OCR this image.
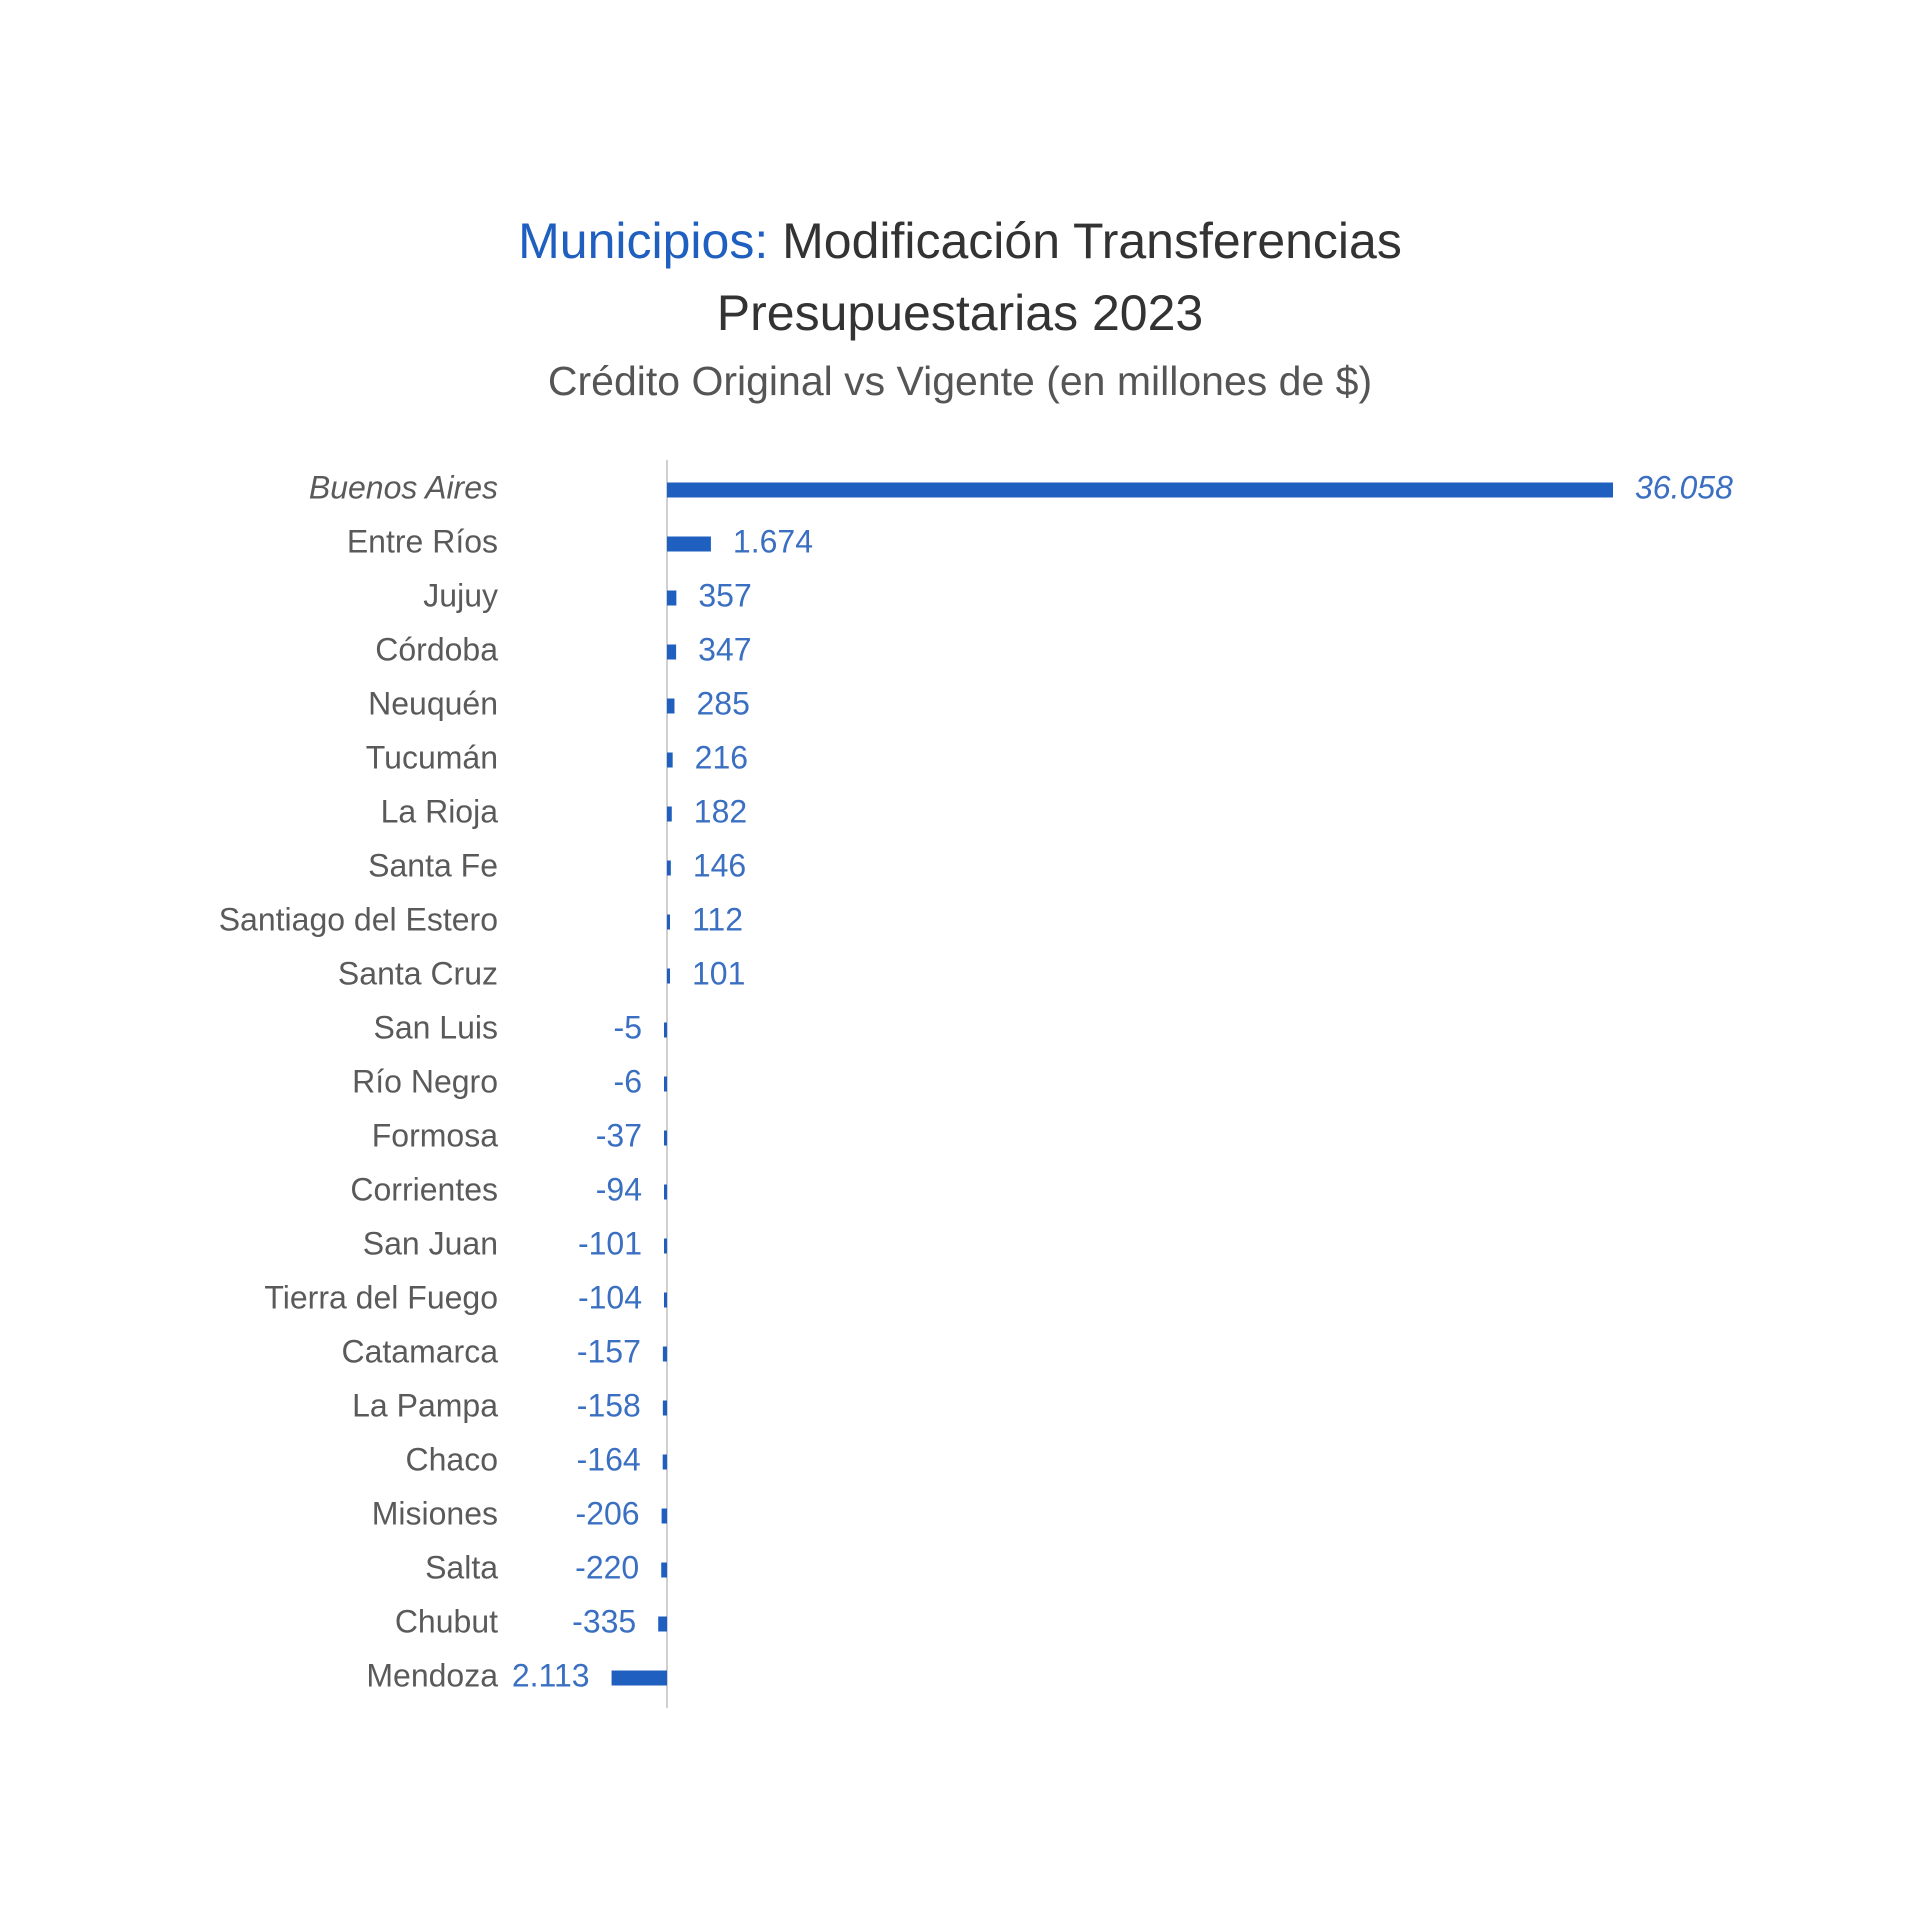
Municipios: Modificación Transferencias
Presupuestarias 2023
Crédito Original vs Vigente (en millones de $)
Buenos Aires	36.058
Entre Ríos	1.674
Jujuy	357
Córdoba	347
Neuquén	285
Tucumán	216
La Rioja	182
Santa Fe	146
Santiago del Estero	112
Santa Cruz	101
San Luis	-5
Río Negro	-6
Formosa	-37
Corrientes	-94
San Juan -101
Tierra del Fuego -104
Catamarca -157
La Pampa -158
Chaco -164
Misiones -206
Salta -220
Chubut -335
Mendoza 2.113
